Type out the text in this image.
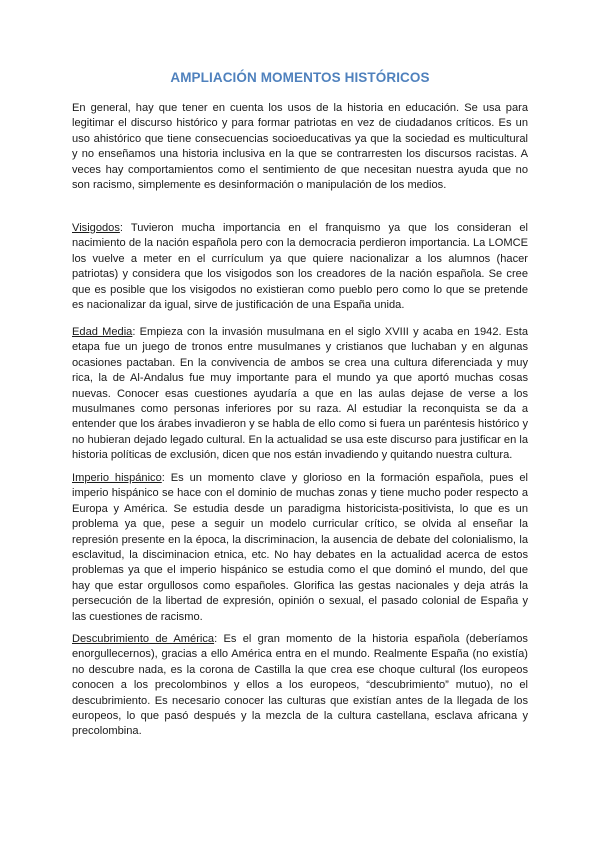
AMPLIACIÓN MOMENTOS HISTÓRICOS

En general, hay que tener en cuenta los usos de la historia en educación. Se usa para legitimar el discurso histórico y para formar patriotas en vez de ciudadanos críticos. Es un uso ahistórico que tiene consecuencias socioeducativas ya que la sociedad es multicultural y no enseñamos una historia inclusiva en la que se contrarresten los discursos racistas. A veces hay comportamientos como el sentimiento de que necesitan nuestra ayuda que no son racismo, simplemente es desinformación o manipulación de los medios.

Visigodos: Tuvieron mucha importancia en el franquismo ya que los consideran el nacimiento de la nación española pero con la democracia perdieron importancia. La LOMCE los vuelve a meter en el currículum ya que quiere nacionalizar a los alumnos (hacer patriotas) y considera que los visigodos son los creadores de la nación española. Se cree que es posible que los visigodos no existieran como pueblo pero como lo que se pretende es nacionalizar da igual, sirve de justificación de una España unida.

Edad Media: Empieza con la invasión musulmana en el siglo XVIII y acaba en 1942. Esta etapa fue un juego de tronos entre musulmanes y cristianos que luchaban y en algunas ocasiones pactaban. En la convivencia de ambos se crea una cultura diferenciada y muy rica, la de Al-Andalus fue muy importante para el mundo ya que aportó muchas cosas nuevas. Conocer esas cuestiones ayudaría a que en las aulas dejase de verse a los musulmanes como personas inferiores por su raza. Al estudiar la reconquista se da a entender que los árabes invadieron y se habla de ello como si fuera un paréntesis histórico y no hubieran dejado legado cultural. En la actualidad se usa este discurso para justificar en la historia políticas de exclusión, dicen que nos están invadiendo y quitando nuestra cultura.

Imperio hispánico: Es un momento clave y glorioso en la formación española, pues el imperio hispánico se hace con el dominio de muchas zonas y tiene mucho poder respecto a Europa y América. Se estudia desde un paradigma historicista-positivista, lo que es un problema ya que, pese a seguir un modelo curricular crítico, se olvida al enseñar la represión presente en la época, la discriminacion, la ausencia de debate del colonialismo, la esclavitud, la disciminacion etnica, etc. No hay debates en la actualidad acerca de estos problemas ya que el imperio hispánico se estudia como el que dominó el mundo, del que hay que estar orgullosos como españoles. Glorifica las gestas nacionales y deja atrás la persecución de la libertad de expresión, opinión o sexual, el pasado colonial de España y las cuestiones de racismo.

Descubrimiento de América: Es el gran momento de la historia española (deberíamos enorgullecernos), gracias a ello América entra en el mundo. Realmente España (no existía) no descubre nada, es la corona de Castilla la que crea ese choque cultural (los europeos conocen a los precolombinos y ellos a los europeos, “descubrimiento” mutuo), no el descubrimiento. Es necesario conocer las culturas que existían antes de la llegada de los europeos, lo que pasó después y la mezcla de la cultura castellana, esclava africana y precolombina.
